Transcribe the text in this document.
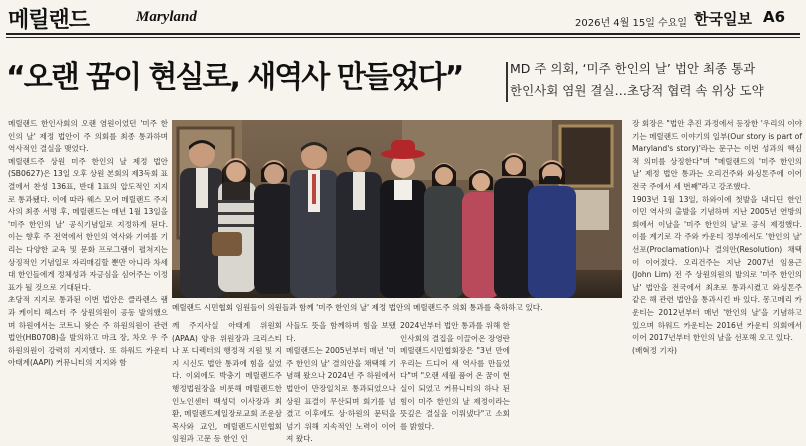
메릴랜드	Maryland	2026년 4월 15일 수요일 한국일보 A6
“오랜 꿈이 현실로, 새역사 만들었다”	MD 주 의회, ‘미주 한인의 날’ 법안 최종 통과
한인사회 염원 결실…초당적 협력 속 위상 도약

메릴랜드 한인사회의 오랜 염원이었던 '미주 한인의 날' 제정 법안이 주 의회를 최종 통과하며 역사적인 결실을 맺었다.
메릴랜드주 상원 미주 한인의 날 제정 법안(SB0627)은 13일 오후 상원 본회의 제3독회 표결에서 찬성 136표, 반대 1표의 압도적인 지지로 통과됐다. 이에 따라 웨스 모어 메릴랜드 주지사의 최종 서명 후, 메릴랜드는 매년 1월 13일을 '미주 한인의 날' 공식기념일로 지정하게 된다. 이는 향후 주 전역에서 한인의 역사와 기여를 기리는 다양한 교육 및 문화 프로그램이 펼쳐지는 상징적인 기념일로 자리매김할 뿐만 아니라 차세대 한인들에게 정체성과 자긍심을 심어주는 이정표가 될 것으로 기대된다.
초당적 지지로 통과된 이번 법안은 클라렌스 램과 케이티 헤스터 주 상원의원이 공동 발의했으며 하원에서는 코트니 왓슨 주 하원의원이 관련 법안(HB0708)을 발의하고 마크 장, 차오 우 주 하원의원이 강력히 지지했다. 또 하워드 카운티 아태계(AAPI) 커뮤니티의 지지와 함

메릴랜드 시민협회 임원들이 의원들과 함께 '미주 한인의 날' 제정 법안의 메릴랜드주 의회 통과를 축하하고 있다.

께 주지사실 아태계 위원회(APAA) 양유 위원장과 크리스티나 포 디렉터의 행정적 지원 및 지지 시신도 법안 통과에 힘을 실었다. 이외에도 박충기 메릴랜드주 행정법원장을 비롯해 메릴랜드한인노인센터 백성덕 이사장과 최환, 메릴랜드제일장로교회 조운삼 목사와 교인, 메릴랜드시민협회 임원과 고문 등 한인 인

사들도 뜻을 함께하며 힘을 보탰다.
메릴랜드는 2005년부터 매년 '미주 한인의 날' 결의안을 채택해 기념해 왔으나 2024년 주 하원에서 법안이 만장일치로 통과되었으나 상원 표결이 무산되며 회기를 넘겼고 이후에도 상·하원의 문턱을 넘기 위해 지속적인 노력이 이어져 왔다.

2024년부터 법안 통과를 위해 한인사회의 결집을 이끌어온 장영란 메릴랜드시민협회장은 "3년 만에 우리는 드디어 새 역사를 만들었다"며 "오랜 세월 품어 온 꿈이 현실이 되었고 커뮤니티의 하나 된 힘이 미주 한인의 날 제정이라는 뜻깊은 결실을 이뤄냈다"고 소회를 밝혔다.

장 회장은 "법안 추진 과정에서 등장한 '우리의 이야기는 메릴랜드 이야기의 일부(Our story is part of Maryland's story)'라는 문구는 이번 성과의 핵심적 의미를 상징한다"며 "메릴랜드의 '미주 한인의 날' 제정 법안 통과는 오리건주와 와싱톤주에 이어 전국 주에서 세 번째"라고 강조했다.
1903년 1월 13일, 하와이에 첫발을 내디딘 한인 이민 역사의 출발을 기념하며 지난 2005년 연방의회에서 이날을 '미주 한인의 날'로 공식 제정했다. 이를 계기로 각 주와 카운티 정부에서도 '한인의 날' 선포(Proclamation)나 결의안(Resolution) 채택이 이어졌다. 오리건주는 지난 2007년 임용근(John Lim) 전 주 상원의원의 발의로 '미주 한인의 날' 법안을 전국에서 최초로 통과시켰고 와싱톤주 같은 해 관련 법안을 통과시킨 바 있다. 몽고메리 카운티는 2012년부터 매년 '한인의 날'을 기념하고 있으며 하워드 카운티는 2016년 카운티 의회에서 이어 2017년부터 한인의 날을 선포해 오고 있다.
(배혁정 기자)
